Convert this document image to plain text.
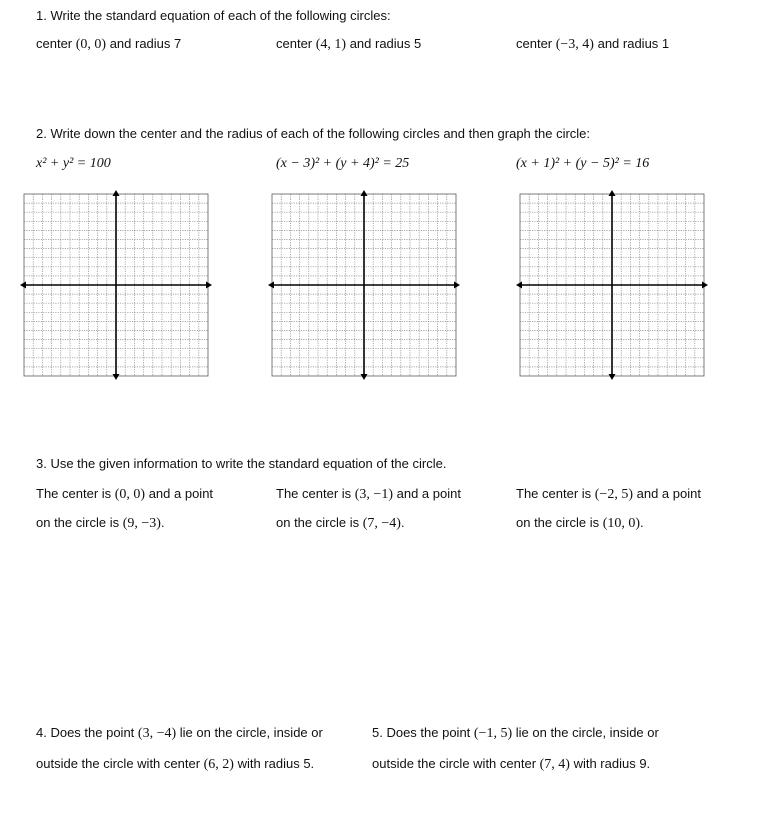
1. Write the standard equation of each of the following circles:
center (0, 0) and radius 7	center (4, 1) and radius 5	center (−3, 4) and radius 1
2. Write down the center and the radius of each of the following circles and then graph the circle:
x² + y² = 100	(x − 3)² + (y + 4)² = 25	(x + 1)² + (y − 5)² = 16
3. Use the given information to write the standard equation of the circle.
The center is (0, 0) and a point
on the circle is (9, −3).
The center is (3, −1) and a point
on the circle is (7, −4).
The center is (−2, 5) and a point
on the circle is (10, 0).
4. Does the point (3, −4) lie on the circle, inside or
outside the circle with center (6, 2) with radius 5.
5. Does the point (−1, 5) lie on the circle, inside or
outside the circle with center (7, 4) with radius 9.
